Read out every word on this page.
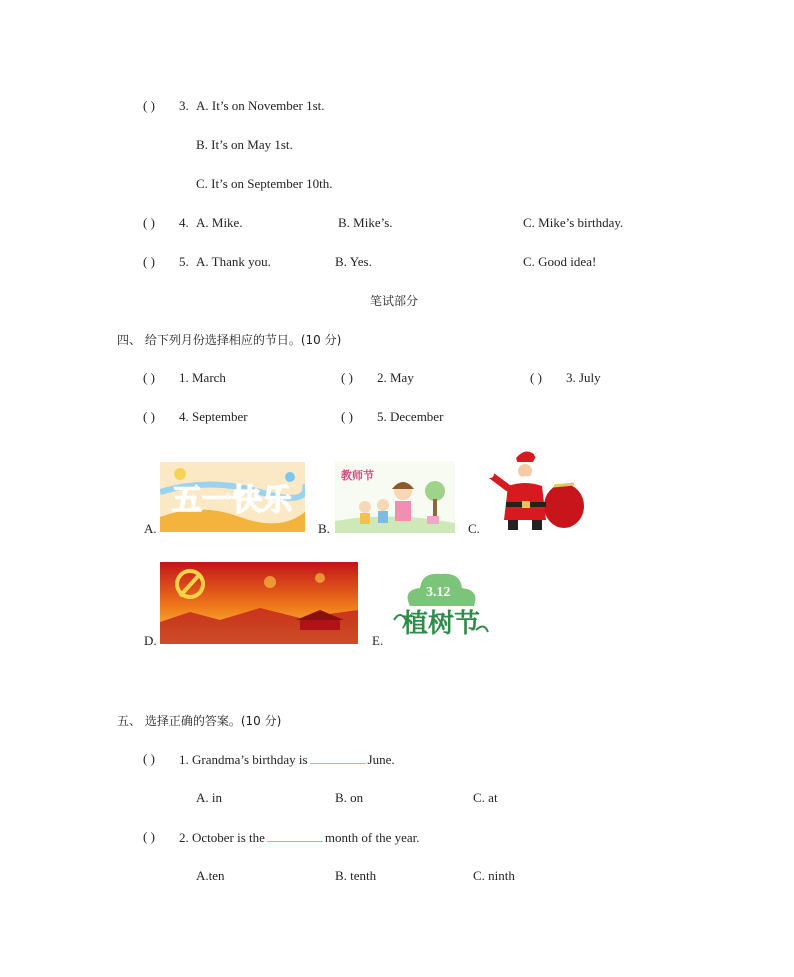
( ) 3. A. It’s on November 1st.
B. It’s on May 1st.
C. It’s on September 10th.
( ) 4. A. Mike.	B. Mike’s.	C. Mike’s birthday.
( ) 5. A. Thank you.	B. Yes.	C. Good idea!
笔试部分
四、 给下列月份选择相应的节日。(10 分)
( ) 1. March	( ) 2. May	( ) 3. July
( ) 4. September	( ) 5. December
A.
五一快乐
B.
教师节
C.
D.	E.
3.12
植树节
五、 选择正确的答案。(10 分)
( ) 1. Grandma’s birthday is	June.
A. in	B. on	C. at
( ) 2. October is the	month of the year.
A.ten	B. tenth	C. ninth
